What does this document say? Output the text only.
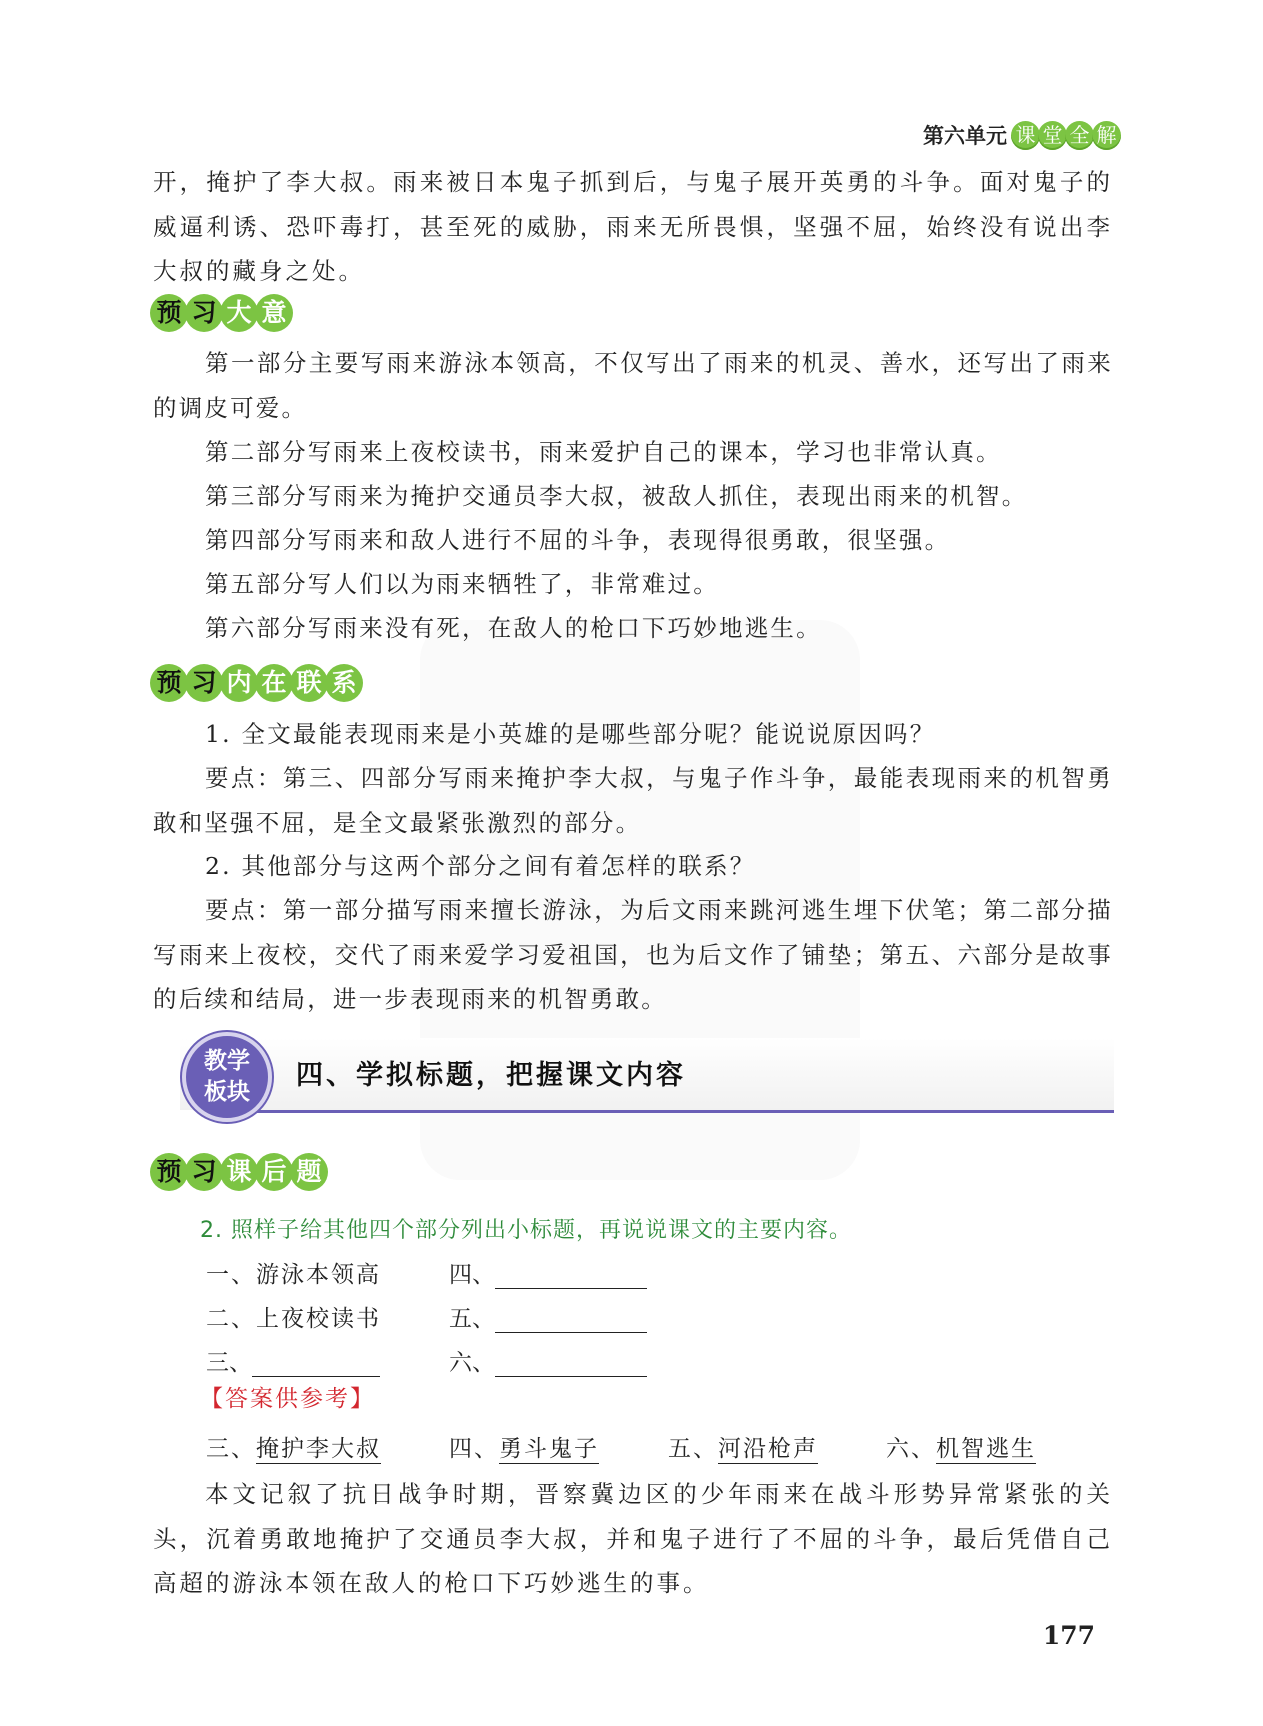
第六单元 课 堂 全 解
开，掩护了李大叔。雨来被日本鬼子抓到后，与鬼子展开英勇的斗争。面对鬼子的威逼利诱、恐吓毒打，甚至死的威胁，雨来无所畏惧，坚强不屈，始终没有说出李大叔的藏身之处。
预 习 大 意
第一部分主要写雨来游泳本领高，不仅写出了雨来的机灵、善水，还写出了雨来的调皮可爱。
第二部分写雨来上夜校读书，雨来爱护自己的课本，学习也非常认真。
第三部分写雨来为掩护交通员李大叔，被敌人抓住，表现出雨来的机智。
第四部分写雨来和敌人进行不屈的斗争，表现得很勇敢，很坚强。
第五部分写人们以为雨来牺牲了，非常难过。
第六部分写雨来没有死，在敌人的枪口下巧妙地逃生。
预 习 内 在 联 系
1. 全文最能表现雨来是小英雄的是哪些部分呢？能说说原因吗？
要点：第三、四部分写雨来掩护李大叔，与鬼子作斗争，最能表现雨来的机智勇敢和坚强不屈，是全文最紧张激烈的部分。
2. 其他部分与这两个部分之间有着怎样的联系？
要点：第一部分描写雨来擅长游泳，为后文雨来跳河逃生埋下伏笔；第二部分描写雨来上夜校，交代了雨来爱学习爱祖国，也为后文作了铺垫；第五、六部分是故事的后续和结局，进一步表现雨来的机智勇敢。
教学
板块
四、学拟标题，把握课文内容
预 习 课 后 题
2. 照样子给其他四个部分列出小标题，再说说课文的主要内容。
一、游泳本领高	四、
二、上夜校读书	五、
三、	六、
【答案供参考】
三、掩护李大叔	四、勇斗鬼子	五、河沿枪声	六、机智逃生
本文记叙了抗日战争时期，晋察冀边区的少年雨来在战斗形势异常紧张的关头，沉着勇敢地掩护了交通员李大叔，并和鬼子进行了不屈的斗争，最后凭借自己高超的游泳本领在敌人的枪口下巧妙逃生的事。
177
